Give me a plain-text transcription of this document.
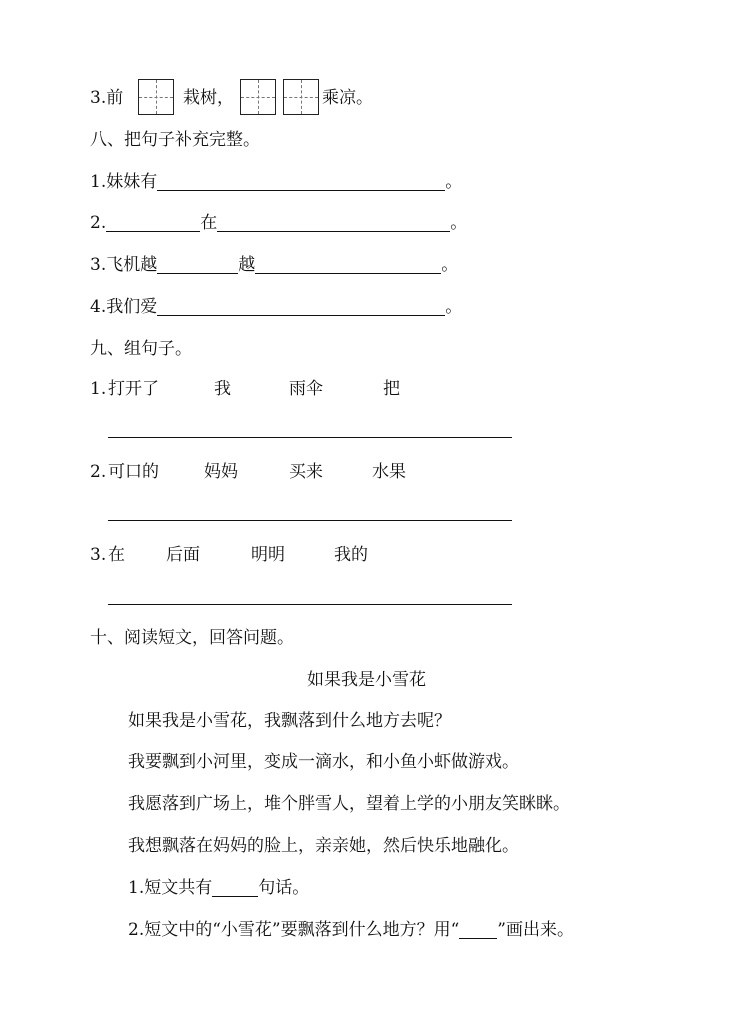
3.前	栽树，	乘凉。
八、把句子补充完整。
1.妹妹有	。
2.	在	。
3.飞机越	越	。
4.我们爱	。
九、组句子。
1. 打开了	我	雨伞	把
2. 可口的	妈妈	买来	水果
3. 在 后面	明明	我的
十、阅读短文，回答问题。
如果我是小雪花
如果我是小雪花，我飘落到什么地方去呢？
我要飘到小河里，变成一滴水，和小鱼小虾做游戏。
我愿落到广场上，堆个胖雪人，望着上学的小朋友笑眯眯。
我想飘落在妈妈的脸上，亲亲她，然后快乐地融化。
1.短文共有	句话。
2.短文中的“小雪花”要飘落到什么地方？用“ ”画出来。
